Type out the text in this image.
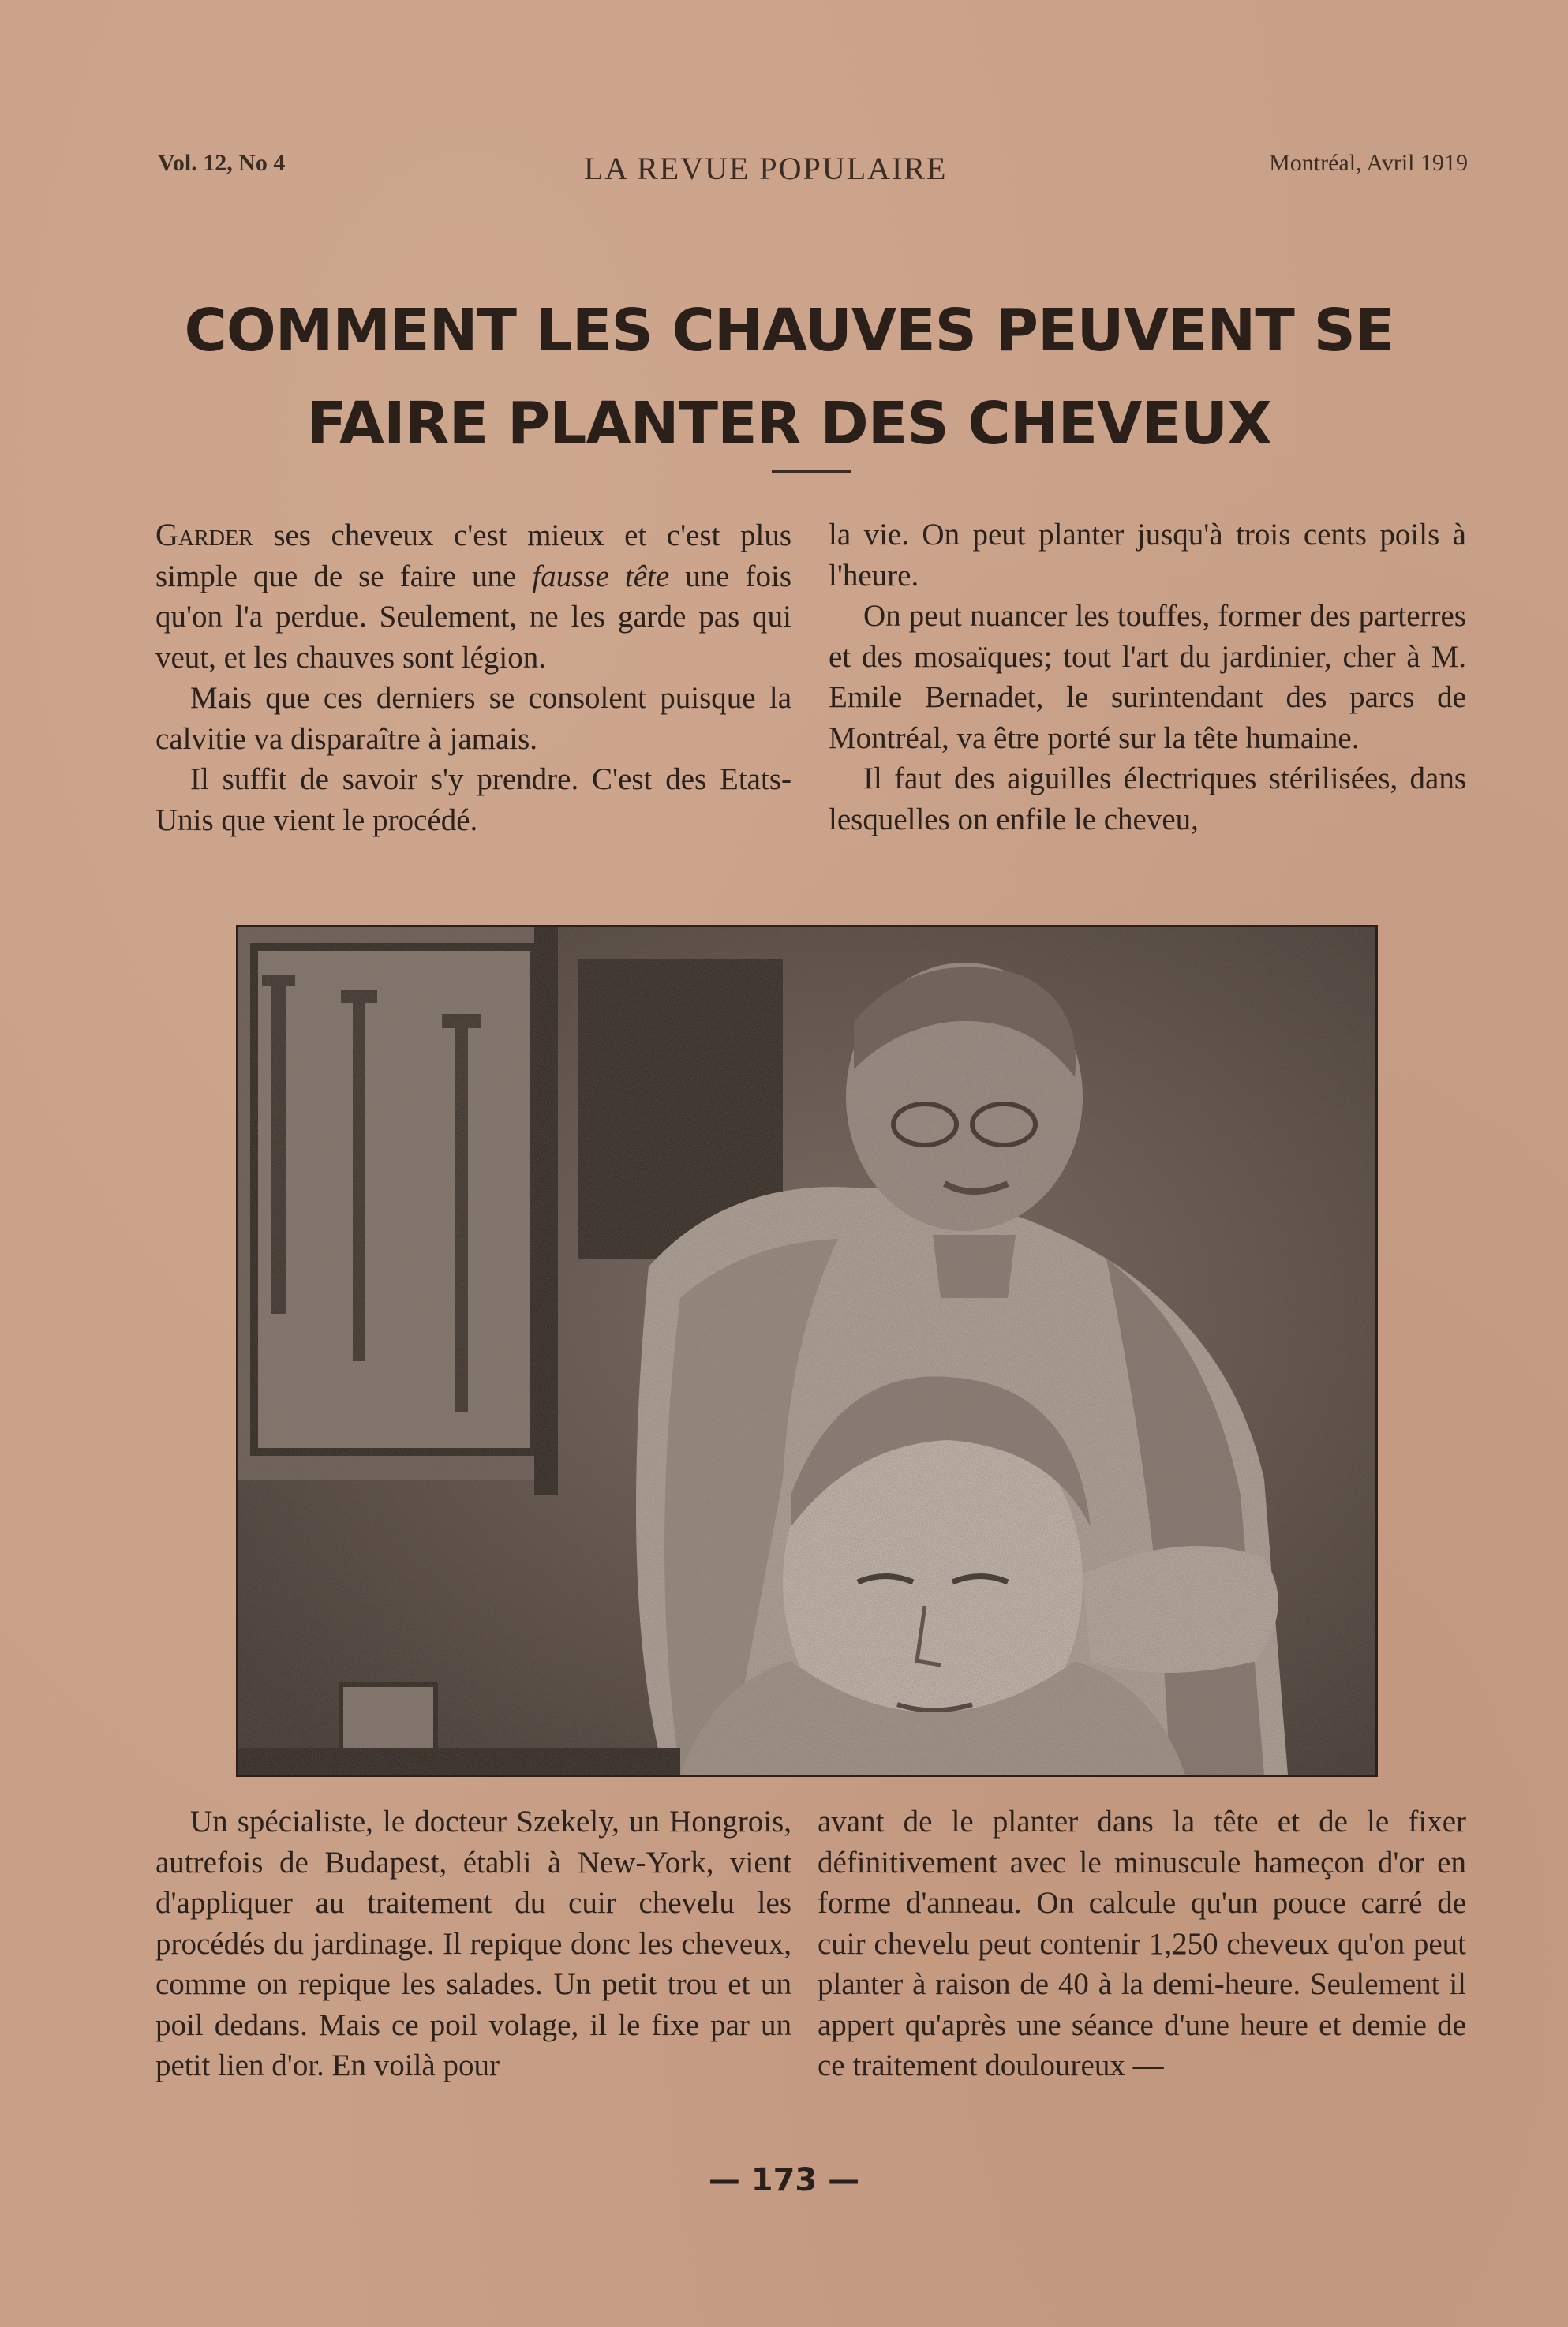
Vol. 12, No 4	LA REVUE POPULAIRE	Montréal, Avril 1919
COMMENT LES CHAUVES PEUVENT SE
FAIRE PLANTER DES CHEVEUX

Garder ses cheveux c'est mieux et c'est plus simple que de se faire une fausse tête une fois qu'on l'a perdue. Seulement, ne les garde pas qui veut, et les chauves sont légion.

Mais que ces derniers se consolent puisque la calvitie va disparaître à jamais.

Il suffit de savoir s'y prendre. C'est des Etats-Unis que vient le procédé.

la vie. On peut planter jusqu'à trois cents poils à l'heure.

On peut nuancer les touffes, former des parterres et des mosaïques; tout l'art du jardinier, cher à M. Emile Bernadet, le surintendant des parcs de Montréal, va être porté sur la tête humaine.

Il faut des aiguilles électriques stérilisées, dans lesquelles on enfile le cheveu,

Un spécialiste, le docteur Szekely, un Hongrois, autrefois de Budapest, établi à New-York, vient d'appliquer au traitement du cuir chevelu les procédés du jardinage. Il repique donc les cheveux, comme on repique les salades. Un petit trou et un poil dedans. Mais ce poil volage, il le fixe par un petit lien d'or. En voilà pour

avant de le planter dans la tête et de le fixer définitivement avec le minuscule hameçon d'or en forme d'anneau. On calcule qu'un pouce carré de cuir chevelu peut contenir 1,250 cheveux qu'on peut planter à raison de 40 à la demi-heure. Seulement il appert qu'après une séance d'une heure et demie de ce traitement douloureux —

— 173 —
